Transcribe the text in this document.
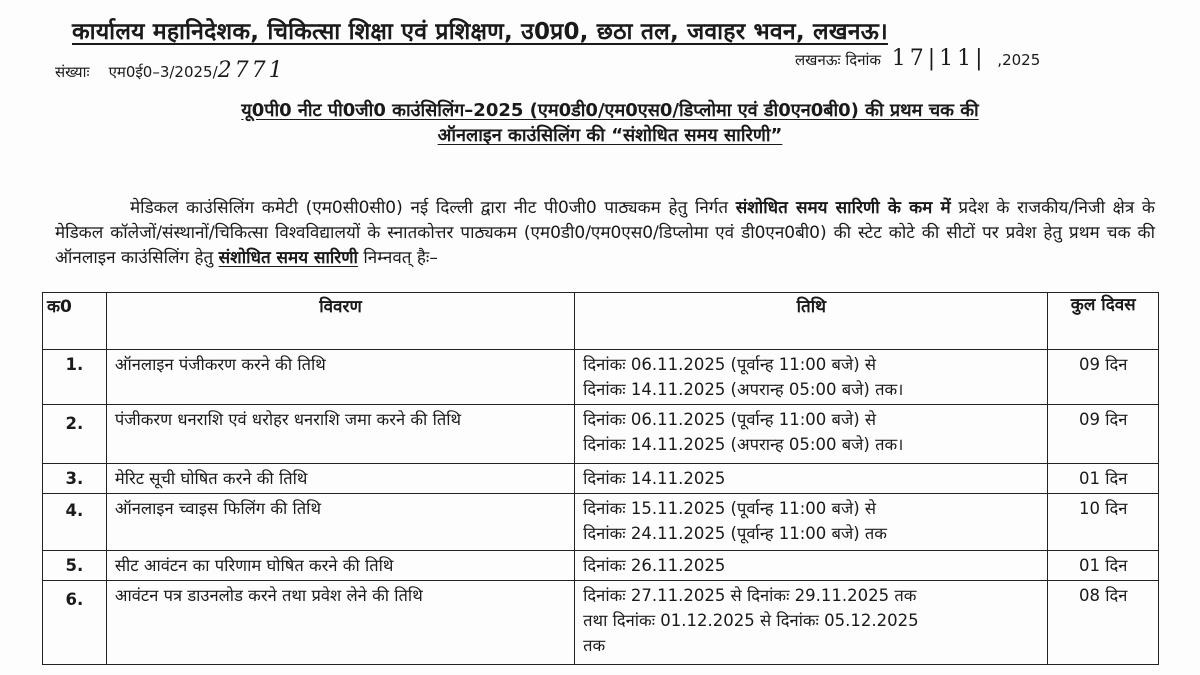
कार्यालय महानिदेशक, चिकित्सा शिक्षा एवं प्रशिक्षण, उ0प्र0, छठा तल, जवाहर भवन, लखनऊ।
संख्याः एम0ई0–3/2025/2771	लखनऊः दिनांक 17|11| ,2025
यू0पी0 नीट पी0जी0 काउंसिलिंग–2025 (एम0डी0/एम0एस0/डिप्लोमा एवं डी0एन0बी0) की प्रथम चक की
ऑनलाइन काउंसिलिंग की “संशोधित समय सारिणी”
मेडिकल काउंसिलिंग कमेटी (एम0सी0सी0) नई दिल्ली द्वारा नीट पी0जी0 पाठ्यकम हेतु निर्गत संशोधित समय सारिणी के कम में प्रदेश के राजकीय/निजी क्षेत्र के मेडिकल कॉलेजों/संस्थानों/चिकित्सा विश्वविद्यालयों के स्नातकोत्तर पाठ्यकम (एम0डी0/एम0एस0/डिप्लोमा एवं डी0एन0बी0) की स्टेट कोटे की सीटों पर प्रवेश हेतु प्रथम चक की ऑनलाइन काउंसिलिंग हेतु संशोधित समय सारिणी निम्नवत् हैः–
क0	विवरण	तिथि	कुल दिवस
1.	ऑनलाइन पंजीकरण करने की तिथि	दिनांकः 06.11.2025 (पूर्वान्ह 11:00 बजे) से
दिनांकः 14.11.2025 (अपरान्ह 05:00 बजे) तक।	09 दिन
2.	पंजीकरण धनराशि एवं धरोहर धनराशि जमा करने की तिथि	दिनांकः 06.11.2025 (पूर्वान्ह 11:00 बजे) से
दिनांकः 14.11.2025 (अपरान्ह 05:00 बजे) तक।	09 दिन
3.	मेरिट सूची घोषित करने की तिथि	दिनांकः 14.11.2025	01 दिन
4.	ऑनलाइन च्वाइस फिलिंग की तिथि	दिनांकः 15.11.2025 (पूर्वान्ह 11:00 बजे) से
दिनांकः 24.11.2025 (पूर्वान्ह 11:00 बजे) तक	10 दिन
5.	सीट आवंटन का परिणाम घोषित करने की तिथि	दिनांकः 26.11.2025	01 दिन
6.	आवंटन पत्र डाउनलोड करने तथा प्रवेश लेने की तिथि	दिनांकः 27.11.2025 से दिनांकः 29.11.2025 तक
तथा दिनांकः 01.12.2025 से दिनांकः 05.12.2025
तक	08 दिन
